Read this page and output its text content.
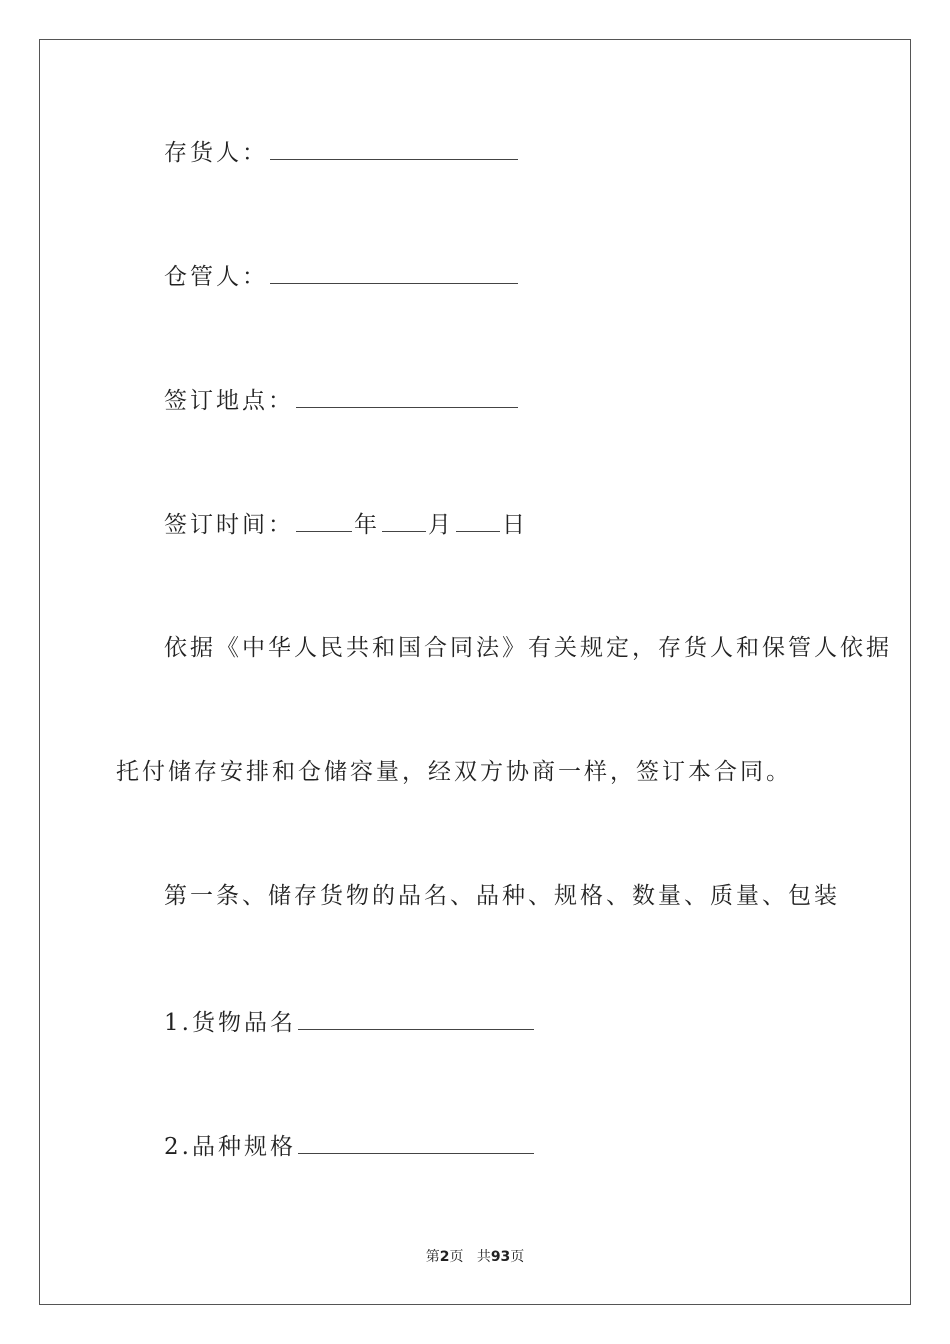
存货人：
仓管人：
签订地点：
签订时间：	年 月 日
依据《中华人民共和国合同法》有关规定，存货人和保管人依据
托付储存安排和仓储容量，经双方协商一样，签订本合同。
第一条、储存货物的品名、品种、规格、数量、质量、包装
1.货物品名
2.品种规格
第2页 共93页
